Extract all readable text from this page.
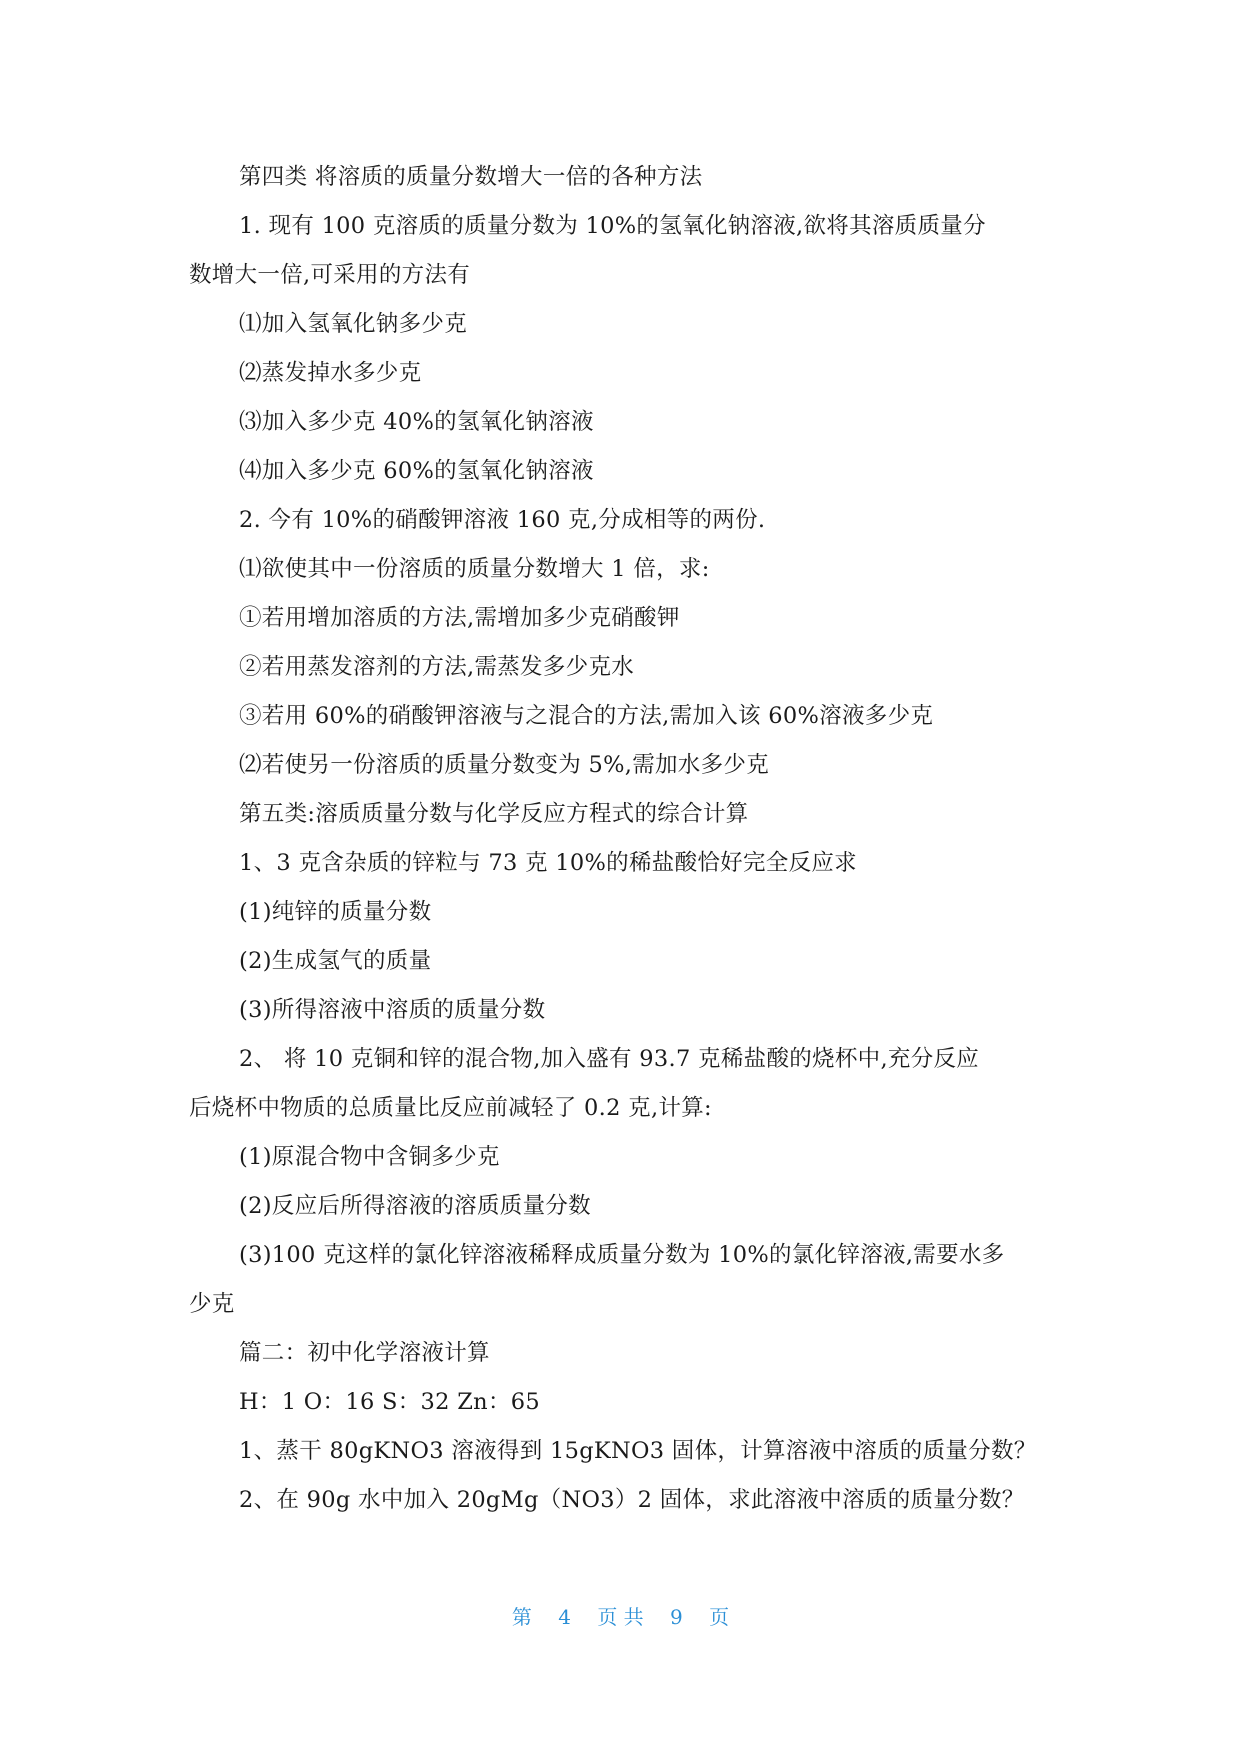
第四类 将溶质的质量分数增大一倍的各种方法
1. 现有 100 克溶质的质量分数为 10%的氢氧化钠溶液,欲将其溶质质量分
数增大一倍,可采用的方法有
⑴加入氢氧化钠多少克
⑵蒸发掉水多少克
⑶加入多少克 40%的氢氧化钠溶液
⑷加入多少克 60%的氢氧化钠溶液
2. 今有 10%的硝酸钾溶液 160 克,分成相等的两份.
⑴欲使其中一份溶质的质量分数增大 1 倍，求:
①若用增加溶质的方法,需增加多少克硝酸钾
②若用蒸发溶剂的方法,需蒸发多少克水
③若用 60%的硝酸钾溶液与之混合的方法,需加入该 60%溶液多少克
⑵若使另一份溶质的质量分数变为 5%,需加水多少克
第五类:溶质质量分数与化学反应方程式的综合计算
1、3 克含杂质的锌粒与 73 克 10%的稀盐酸恰好完全反应求
(1)纯锌的质量分数
(2)生成氢气的质量
(3)所得溶液中溶质的质量分数
2、 将 10 克铜和锌的混合物,加入盛有 93.7 克稀盐酸的烧杯中,充分反应
后烧杯中物质的总质量比反应前减轻了 0.2 克,计算:
(1)原混合物中含铜多少克
(2)反应后所得溶液的溶质质量分数
(3)100 克这样的氯化锌溶液稀释成质量分数为 10%的氯化锌溶液,需要水多
少克
篇二：初中化学溶液计算
H：1 O：16 S：32 Zn：65
1、蒸干 80gKNO3 溶液得到 15gKNO3 固体，计算溶液中溶质的质量分数？
2、在 90g 水中加入 20gMg（NO3）2 固体，求此溶液中溶质的质量分数？
第 4 页 共 9 页
